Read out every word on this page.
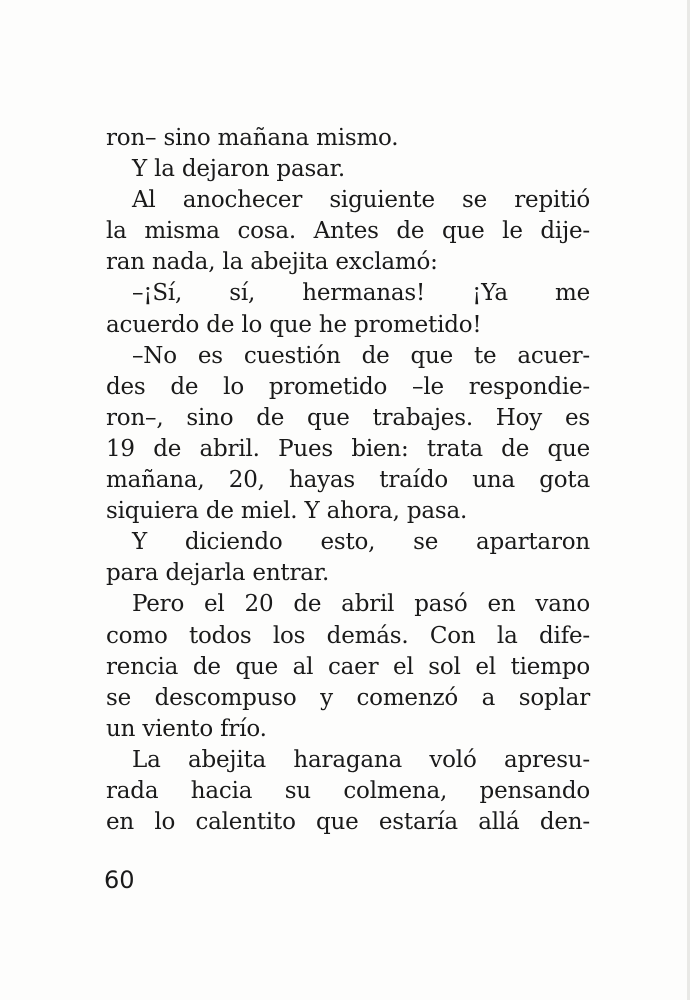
ron– sino mañana mismo.
Y la dejaron pasar.
Al anochecer siguiente se repitió
la misma cosa. Antes de que le dije-
ran nada, la abejita exclamó:
–¡Sí, sí, hermanas! ¡Ya me
acuerdo de lo que he prometido!
–No es cuestión de que te acuer-
des de lo prometido –le respondie-
ron–, sino de que trabajes. Hoy es
19 de abril. Pues bien: trata de que
mañana, 20, hayas traído una gota
siquiera de miel. Y ahora, pasa.
Y diciendo esto, se apartaron
para dejarla entrar.
Pero el 20 de abril pasó en vano
como todos los demás. Con la dife-
rencia de que al caer el sol el tiempo
se descompuso y comenzó a soplar
un viento frío.
La abejita haragana voló apresu-
rada hacia su colmena, pensando
en lo calentito que estaría allá den-
60
